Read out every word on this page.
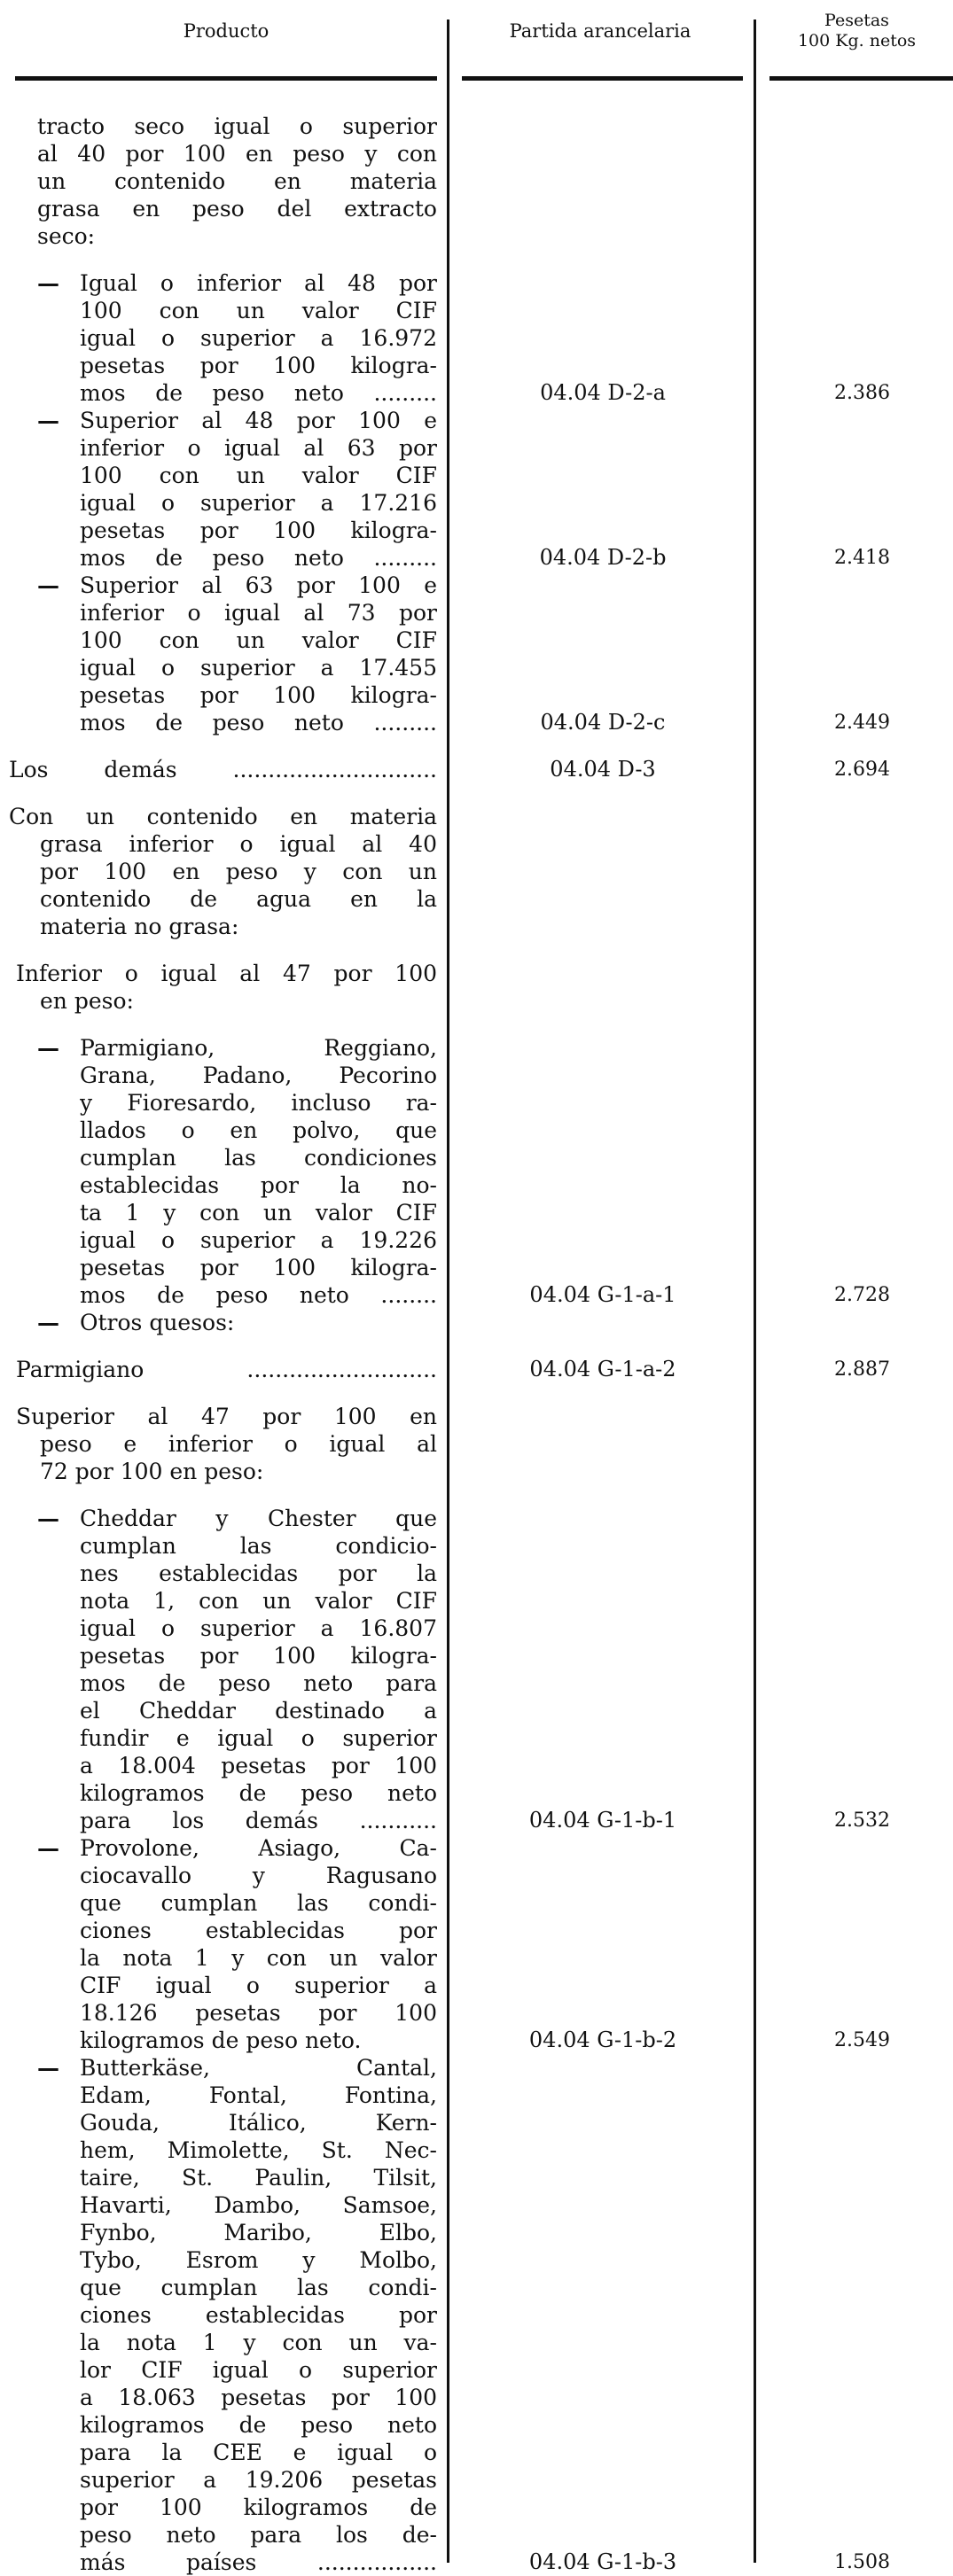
Producto	Partida arancelaria	Pesetas
100 Kg. netos
tracto seco igual o superior
al 40 por 100 en peso y con
un contenido en materia
grasa en peso del extracto
seco:
— Igual o inferior al 48 por
100 con un valor CIF
igual o superior a 16.972
pesetas por 100 kilogra-
mos de peso neto .........	04.04 D-2-a	2.386
— Superior al 48 por 100 e
inferior o igual al 63 por
100 con un valor CIF
igual o superior a 17.216
pesetas por 100 kilogra-
mos de peso neto .........	04.04 D-2-b	2.418
— Superior al 63 por 100 e
inferior o igual al 73 por
100 con un valor CIF
igual o superior a 17.455
pesetas por 100 kilogra-
mos de peso neto .........	04.04 D-2-c	2.449
Los demás .............................	04.04 D-3	2.694
Con un contenido en materia
grasa inferior o igual al 40
por 100 en peso y con un
contenido de agua en la
materia no grasa:
Inferior o igual al 47 por 100
en peso:
— Parmigiano, Reggiano,
Grana, Padano, Pecorino
y Fioresardo, incluso ra-
llados o en polvo, que
cumplan las condiciones
establecidas por la no-
ta 1 y con un valor CIF
igual o superior a 19.226
pesetas por 100 kilogra-
mos de peso neto ........	04.04 G-1-a-1	2.728
— Otros quesos:
Parmigiano ...........................	04.04 G-1-a-2	2.887
Superior al 47 por 100 en
peso e inferior o igual al
72 por 100 en peso:
— Cheddar y Chester que
cumplan las condicio-
nes establecidas por la
nota 1, con un valor CIF
igual o superior a 16.807
pesetas por 100 kilogra-
mos de peso neto para
el Cheddar destinado a
fundir e igual o superior
a 18.004 pesetas por 100
kilogramos de peso neto
para los demás ...........	04.04 G-1-b-1	2.532
— Provolone, Asiago, Ca-
ciocavallo y Ragusano
que cumplan las condi-
ciones establecidas por
la nota 1 y con un valor
CIF igual o superior a
18.126 pesetas por 100
kilogramos de peso neto.	04.04 G-1-b-2	2.549
— Butterkäse, Cantal,
Edam, Fontal, Fontina,
Gouda, Itálico, Kern-
hem, Mimolette, St. Nec-
taire, St. Paulin, Tilsit,
Havarti, Dambo, Samsoe,
Fynbo, Maribo, Elbo,
Tybo, Esrom y Molbo,
que cumplan las condi-
ciones establecidas por
la nota 1 y con un va-
lor CIF igual o superior
a 18.063 pesetas por 100
kilogramos de peso neto
para la CEE e igual o
superior a 19.206 pesetas
por 100 kilogramos de
peso neto para los de-
más países .................	04.04 G-1-b-3	1.508
